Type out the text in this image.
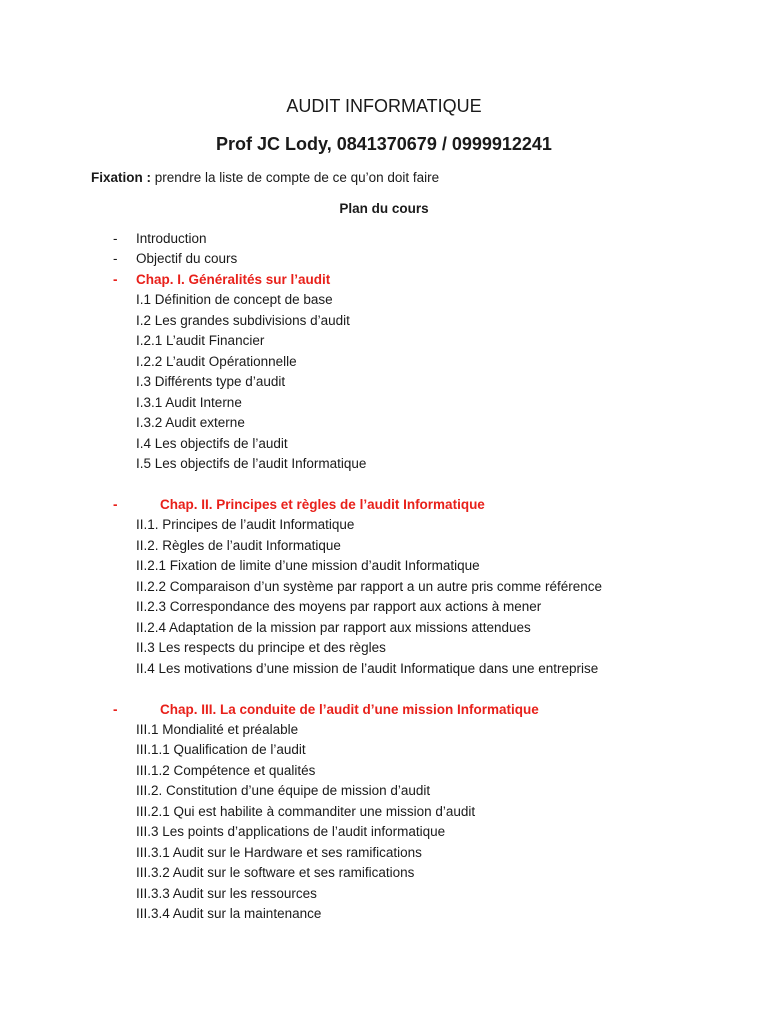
AUDIT INFORMATIQUE
Prof JC Lody, 0841370679 / 0999912241
Fixation : prendre la liste de compte de ce qu’on doit faire
Plan du cours
- Introduction
- Objectif du cours
- Chap. I. Généralités sur l’audit
I.1 Définition de concept de base
I.2 Les grandes subdivisions d’audit
I.2.1 L’audit Financier
I.2.2 L’audit Opérationnelle
I.3 Différents type d’audit
I.3.1 Audit Interne
I.3.2 Audit externe
I.4 Les objectifs de l’audit
I.5 Les objectifs de l’audit Informatique
-	Chap. II. Principes et règles de l’audit Informatique
II.1. Principes de l’audit Informatique
II.2. Règles de l’audit Informatique
II.2.1 Fixation de limite d’une mission d’audit Informatique
II.2.2 Comparaison d’un système par rapport a un autre pris comme référence
II.2.3 Correspondance des moyens par rapport aux actions à mener
II.2.4 Adaptation de la mission par rapport aux missions attendues
II.3 Les respects du principe et des règles
II.4 Les motivations d’une mission de l’audit Informatique dans une entreprise
-	Chap. III. La conduite de l’audit d’une mission Informatique
III.1 Mondialité et préalable
III.1.1 Qualification de l’audit
III.1.2 Compétence et qualités
III.2. Constitution d’une équipe de mission d’audit
III.2.1 Qui est habilite à commanditer une mission d’audit
III.3 Les points d’applications de l’audit informatique
III.3.1 Audit sur le Hardware et ses ramifications
III.3.2 Audit sur le software et ses ramifications
III.3.3 Audit sur les ressources
III.3.4 Audit sur la maintenance
